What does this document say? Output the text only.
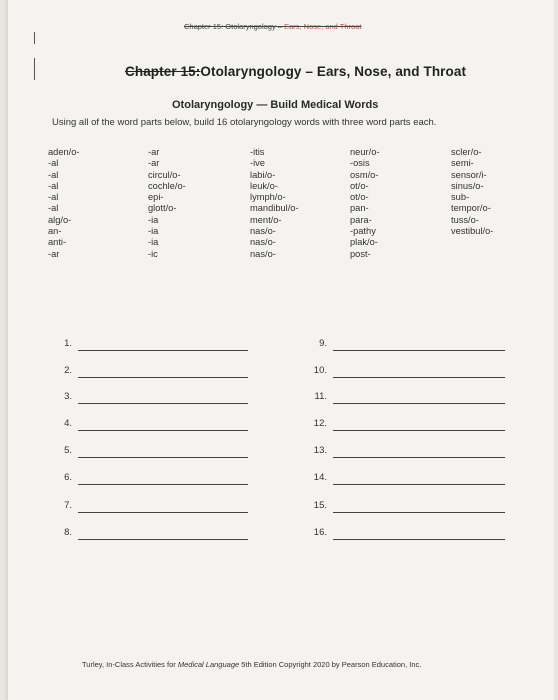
Chapter 15: Otolaryngology – Ears, Nose, and Throat
Chapter 15:Otolaryngology – Ears, Nose, and Throat
Otolaryngology — Build Medical Words
Using all of the word parts below, build 16 otolaryngology words with three word parts each.
aden/o-
-al
-al
-al
-al
-al
alg/o-
an-
anti-
-ar
-ar
-ar
circul/o-
cochle/o-
epi-
glott/o-
-ia
-ia
-ia
-ic
-itis
-ive
labi/o-
leuk/o-
lymph/o-
mandibul/o-
ment/o-
nas/o-
nas/o-
nas/o-
neur/o-
-osis
osm/o-
ot/o-
ot/o-
pan-
para-
-pathy
plak/o-
post-
scler/o-
semi-
sensor/i-
sinus/o-
sub-
tempor/o-
tuss/o-
vestibul/o-
1.
2.
3.
4.
5.
6.
7.
8.
9.
10.
11.
12.
13.
14.
15.
16.
Turley, In-Class Activities for Medical Language 5th Edition Copyright 2020 by Pearson Education, Inc.
